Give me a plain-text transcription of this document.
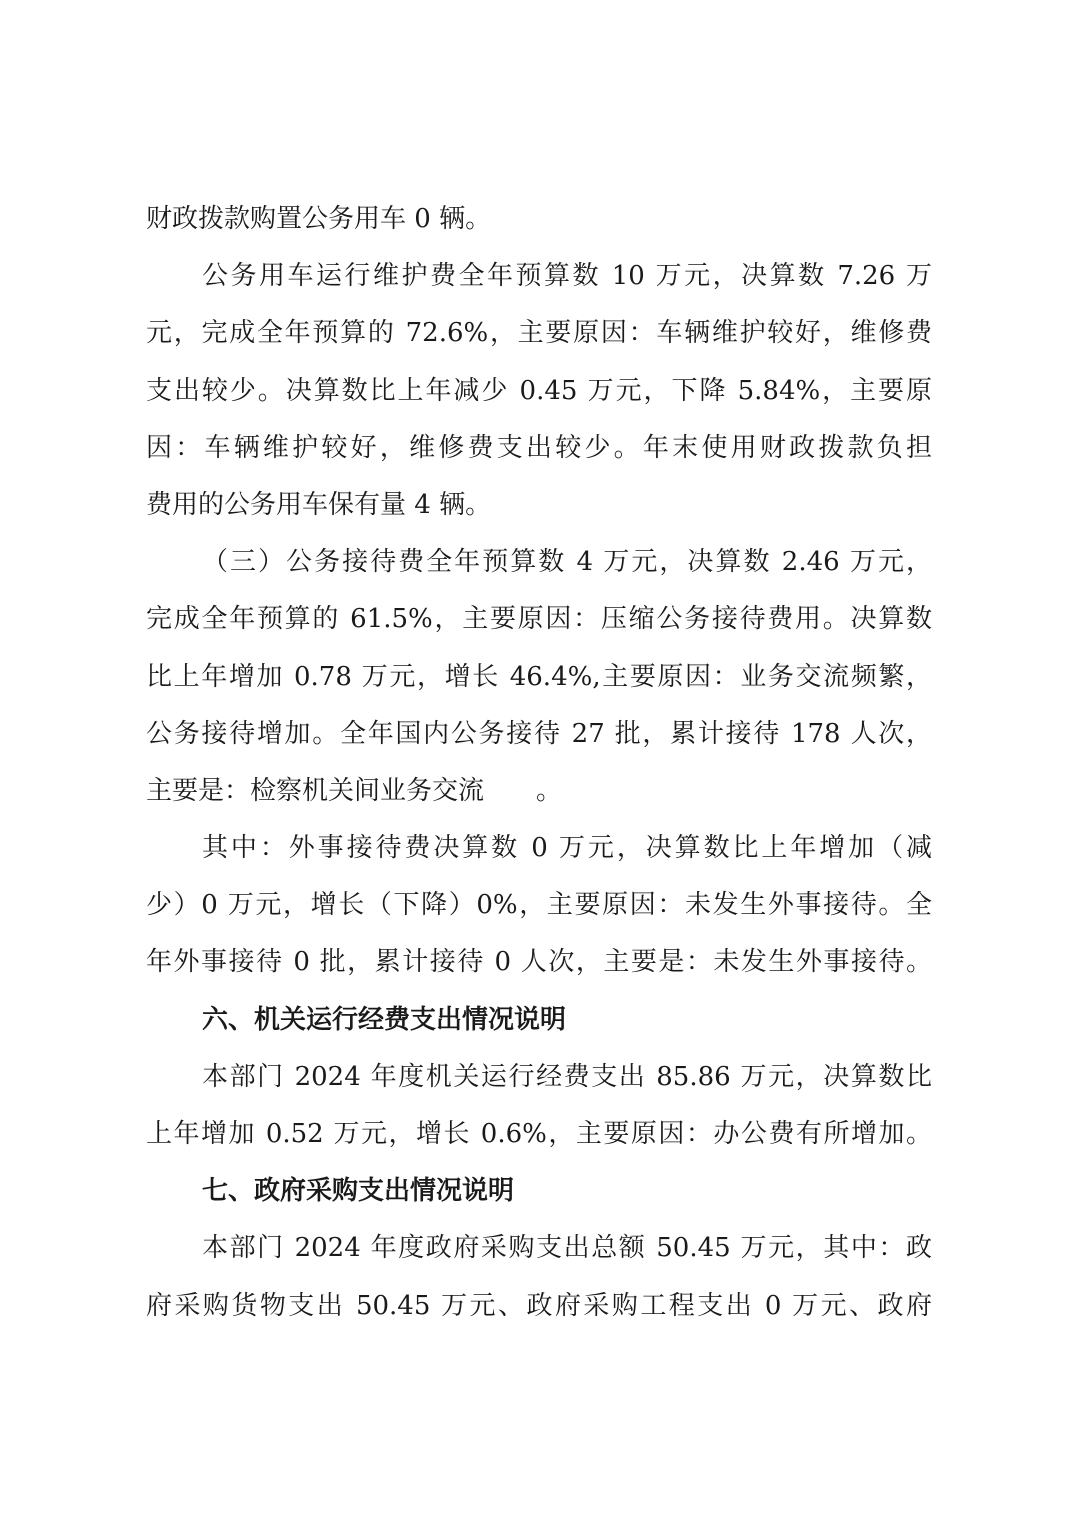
财政拨款购置公务用车 0 辆。
公务用车运行维护费全年预算数 10 万元，决算数 7.26 万
元，完成全年预算的 72.6%，主要原因：车辆维护较好，维修费
支出较少。决算数比上年减少 0.45 万元，下降 5.84%，主要原
因：车辆维护较好，维修费支出较少。年末使用财政拨款负担
费用的公务用车保有量 4 辆。
（三）公务接待费全年预算数 4 万元，决算数 2.46 万元，
完成全年预算的 61.5%，主要原因：压缩公务接待费用。决算数
比上年增加 0.78 万元，增长 46.4%,主要原因：业务交流频繁，
公务接待增加。全年国内公务接待 27 批，累计接待 178 人次，
主要是：检察机关间业务交流　　。
其中：外事接待费决算数 0 万元，决算数比上年增加（减
少）0 万元，增长（下降）0%，主要原因：未发生外事接待。全
年外事接待 0 批，累计接待 0 人次，主要是：未发生外事接待。
六、机关运行经费支出情况说明
本部门 2024 年度机关运行经费支出 85.86 万元，决算数比
上年增加 0.52 万元，增长 0.6%，主要原因：办公费有所增加。
七、政府采购支出情况说明
本部门 2024 年度政府采购支出总额 50.45 万元，其中：政
府采购货物支出 50.45 万元、政府采购工程支出 0 万元、政府
